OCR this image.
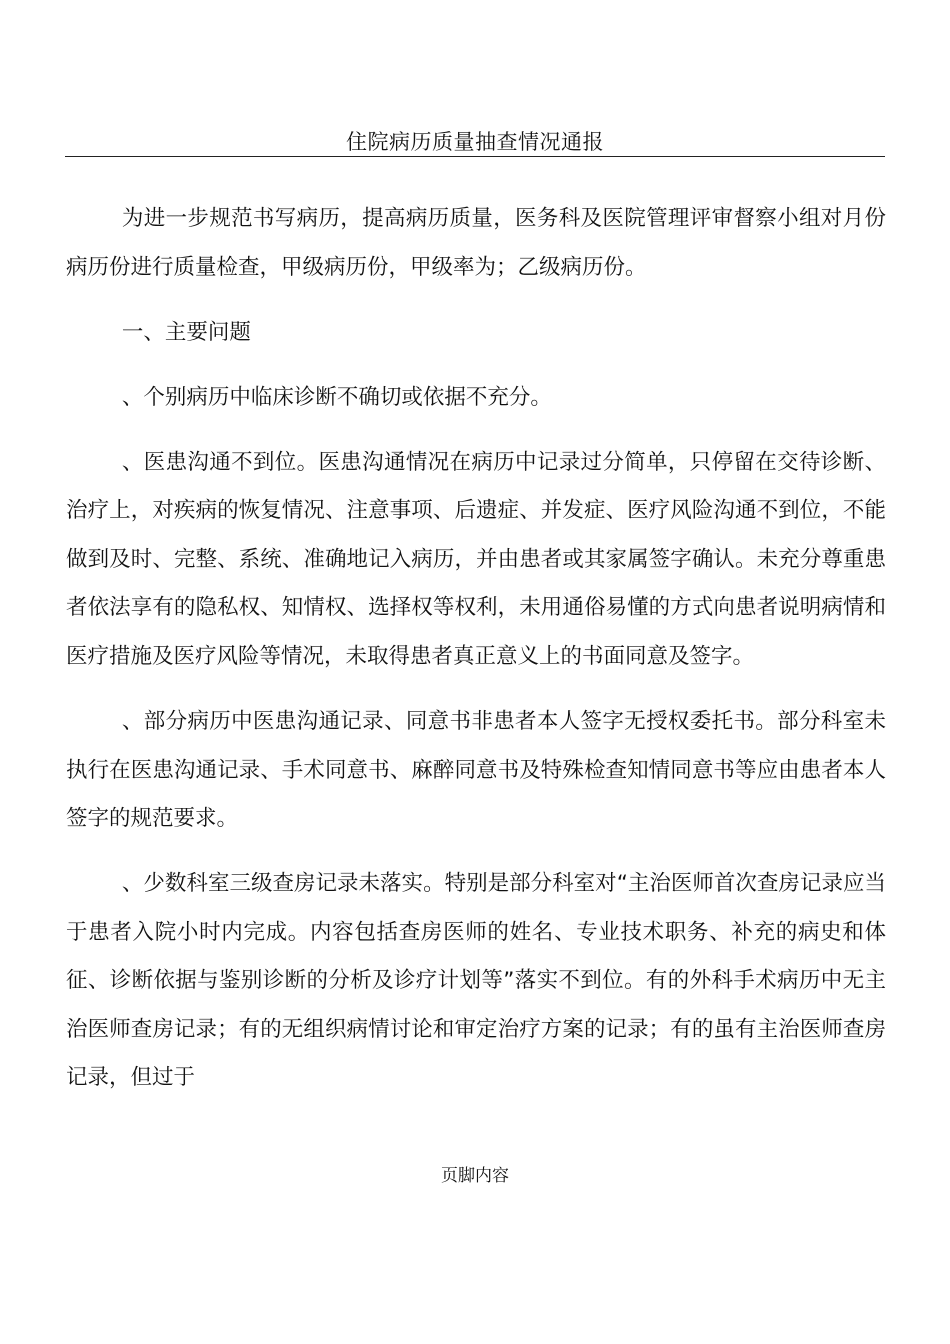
住院病历质量抽查情况通报

为进一步规范书写病历，提高病历质量，医务科及医院管理评审督察小组对月份病历份进行质量检查，甲级病历份，甲级率为；乙级病历份。

一、主要问题

、个别病历中临床诊断不确切或依据不充分。

、医患沟通不到位。医患沟通情况在病历中记录过分简单，只停留在交待诊断、治疗上，对疾病的恢复情况、注意事项、后遗症、并发症、医疗风险沟通不到位，不能做到及时、完整、系统、准确地记入病历，并由患者或其家属签字确认。未充分尊重患者依法享有的隐私权、知情权、选择权等权利，未用通俗易懂的方式向患者说明病情和医疗措施及医疗风险等情况，未取得患者真正意义上的书面同意及签字。

、部分病历中医患沟通记录、同意书非患者本人签字无授权委托书。部分科室未执行在医患沟通记录、手术同意书、麻醉同意书及特殊检查知情同意书等应由患者本人签字的规范要求。

、少数科室三级查房记录未落实。特别是部分科室对“主治医师首次查房记录应当于患者入院小时内完成。内容包括查房医师的姓名、专业技术职务、补充的病史和体征、诊断依据与鉴别诊断的分析及诊疗计划等”落实不到位。有的外科手术病历中无主治医师查房记录；有的无组织病情讨论和审定治疗方案的记录；有的虽有主治医师查房记录，但过于

页脚内容
